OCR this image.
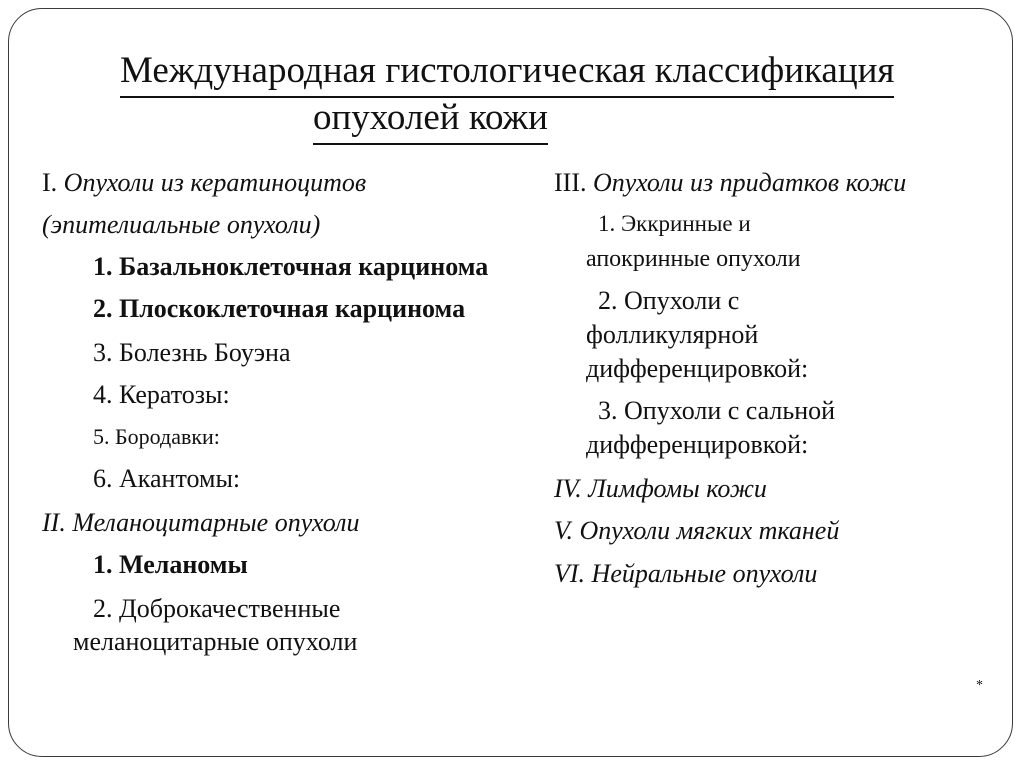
Международная гистологическая классификация
опухолей кожи
I. Опухоли из кератиноцитов
(эпителиальные опухоли)
1. Базальноклеточная карцинома
2. Плоскоклеточная карцинома
3. Болезнь Боуэна
4. Кератозы:
5. Бородавки:
6. Акантомы:
II. Меланоцитарные опухоли
1. Меланомы
2. Доброкачественные
меланоцитарные опухоли
III. Опухоли из придатков кожи
1. Эккринные и
апокринные опухоли
2. Опухоли с
фолликулярной
дифференцировкой:
3. Опухоли с сальной
дифференцировкой:
IV. Лимфомы кожи
V. Опухоли мягких тканей
VI. Нейральные опухоли
*
